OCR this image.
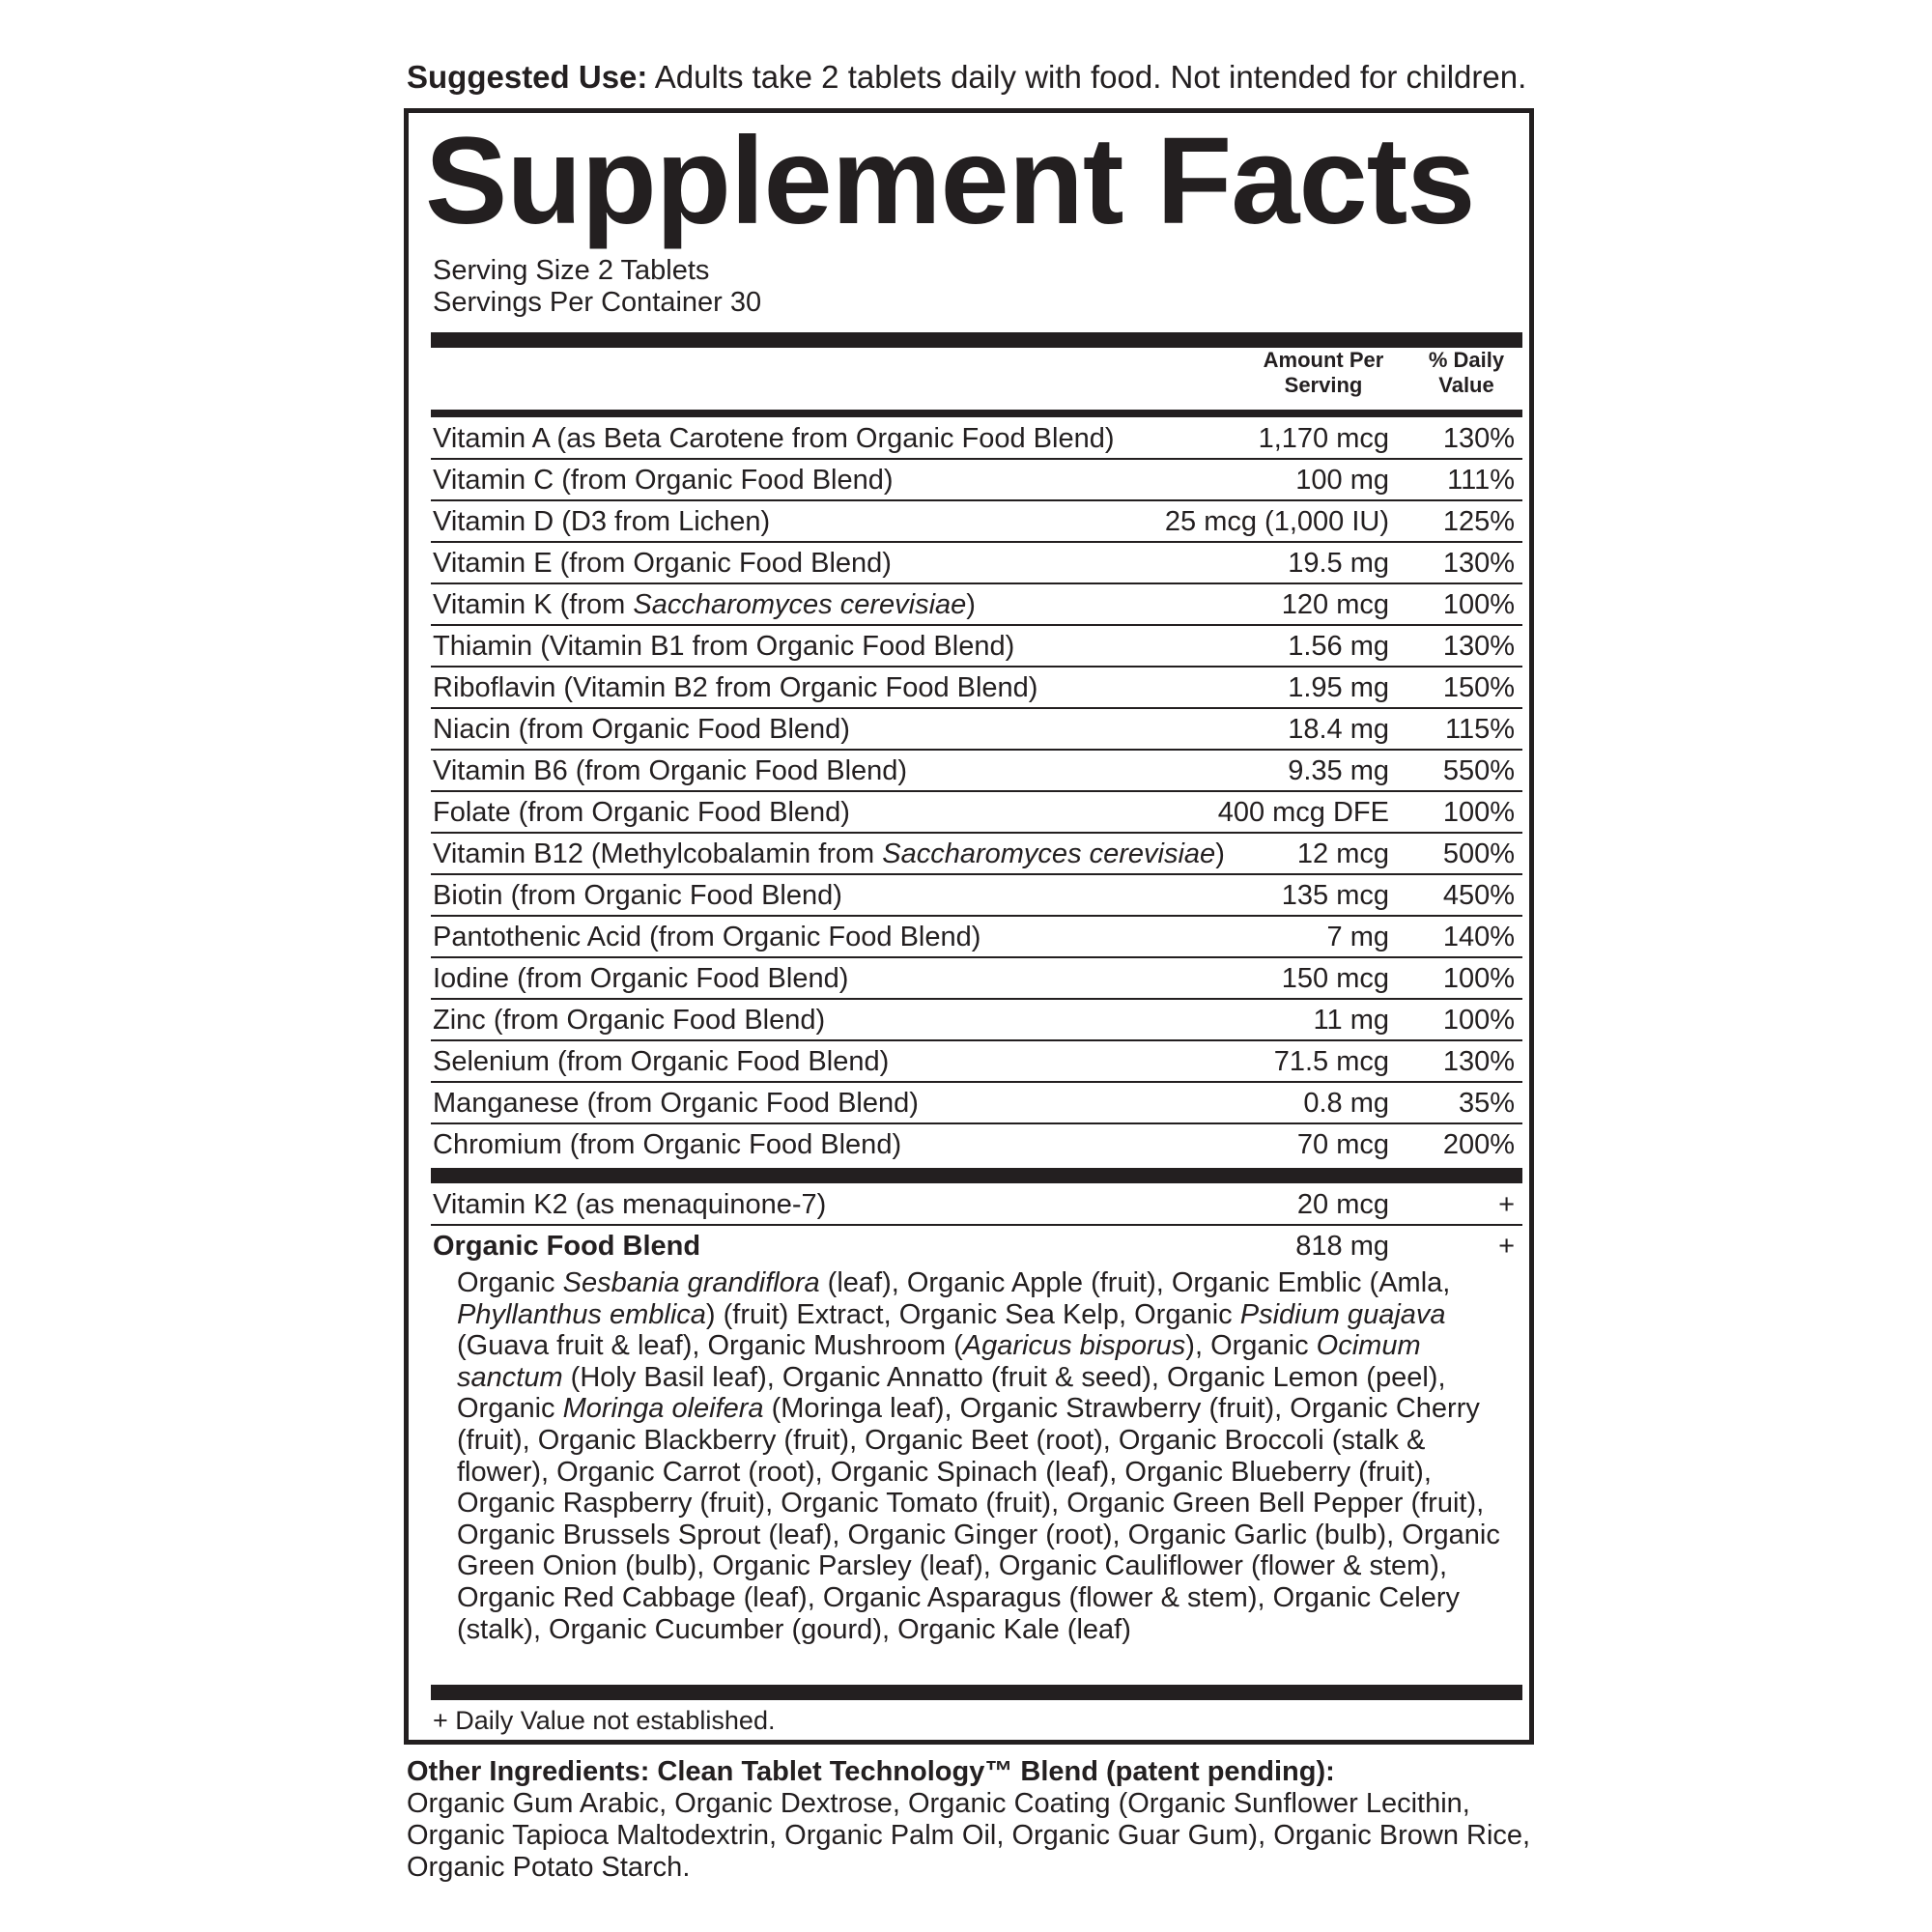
Suggested Use: Adults take 2 tablets daily with food. Not intended for children.
Supplement Facts
Serving Size 2 Tablets
Servings Per Container 30
Amount Per Serving
% Daily Value
Vitamin A (as Beta Carotene from Organic Food Blend)	1,170 mcg 130%
Vitamin C (from Organic Food Blend)	100 mg 111%
Vitamin D (D3 from Lichen)	25 mcg (1,000 IU) 125%
Vitamin E (from Organic Food Blend)	19.5 mg 130%
Vitamin K (from Saccharomyces cerevisiae)	120 mcg 100%
Thiamin (Vitamin B1 from Organic Food Blend)	1.56 mg 130%
Riboflavin (Vitamin B2 from Organic Food Blend)	1.95 mg 150%
Niacin (from Organic Food Blend)	18.4 mg 115%
Vitamin B6 (from Organic Food Blend)	9.35 mg 550%
Folate (from Organic Food Blend)	400 mcg DFE 100%
Vitamin B12 (Methylcobalamin from Saccharomyces cerevisiae)	12 mcg 500%
Biotin (from Organic Food Blend)	135 mcg 450%
Pantothenic Acid (from Organic Food Blend)	7 mg 140%
Iodine (from Organic Food Blend)	150 mcg 100%
Zinc (from Organic Food Blend)	11 mg 100%
Selenium (from Organic Food Blend)	71.5 mcg 130%
Manganese (from Organic Food Blend)	0.8 mg 35%
Chromium (from Organic Food Blend)	70 mcg 200%
Vitamin K2 (as menaquinone-7)	20 mcg	+
Organic Food Blend	818 mg	+
Organic Sesbania grandiflora (leaf), Organic Apple (fruit), Organic Emblic (Amla, Phyllanthus emblica) (fruit) Extract, Organic Sea Kelp, Organic Psidium guajava (Guava fruit & leaf), Organic Mushroom (Agaricus bisporus), Organic Ocimum sanctum (Holy Basil leaf), Organic Annatto (fruit & seed), Organic Lemon (peel), Organic Moringa oleifera (Moringa leaf), Organic Strawberry (fruit), Organic Cherry (fruit), Organic Blackberry (fruit), Organic Beet (root), Organic Broccoli (stalk & flower), Organic Carrot (root), Organic Spinach (leaf), Organic Blueberry (fruit), Organic Raspberry (fruit), Organic Tomato (fruit), Organic Green Bell Pepper (fruit), Organic Brussels Sprout (leaf), Organic Ginger (root), Organic Garlic (bulb), Organic Green Onion (bulb), Organic Parsley (leaf), Organic Cauliflower (flower & stem), Organic Red Cabbage (leaf), Organic Asparagus (flower & stem), Organic Celery (stalk), Organic Cucumber (gourd), Organic Kale (leaf)
+ Daily Value not established.
Other Ingredients: Clean Tablet Technology™ Blend (patent pending):
Organic Gum Arabic, Organic Dextrose, Organic Coating (Organic Sunflower Lecithin, Organic Tapioca Maltodextrin, Organic Palm Oil, Organic Guar Gum), Organic Brown Rice, Organic Potato Starch.
